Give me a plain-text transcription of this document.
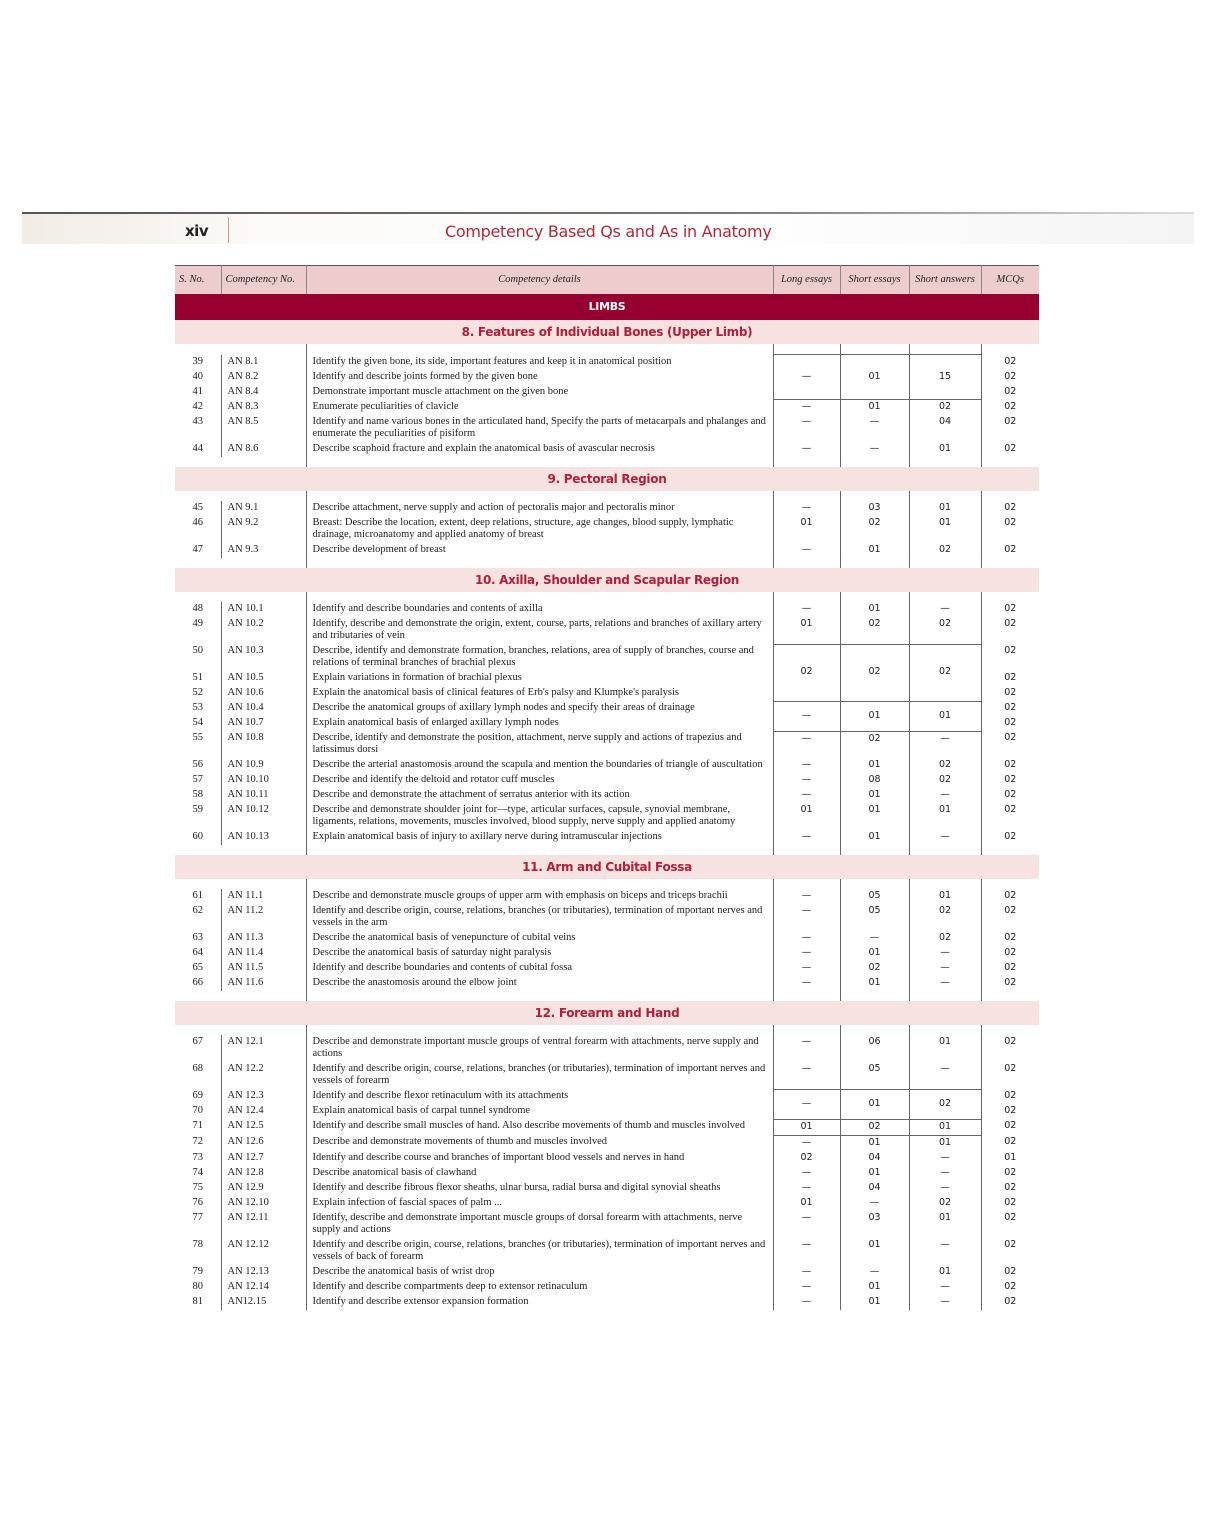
xiv	Competency Based Qs and As in Anatomy
S. No.	Competency No.	Competency details	Long essays	Short essays	Short answers	MCQs
LIMBS						
8. Features of Individual Bones (Upper Limb)						

39	AN 8.1	Identify the given bone, its side, important features and keep it in anatomical position	—	01	15	02
40	AN 8.2	Identify and describe joints formed by the given bone				02
41	AN 8.4	Demonstrate important muscle attachment on the given bone				02
42	AN 8.3	Enumerate peculiarities of clavicle	—	01	02	02
43	AN 8.5	Identify and name various bones in the articulated hand, Specify the parts of metacarpals and phalanges and enumerate the peculiarities of pisiform	—	—	04	02
44	AN 8.6	Describe scaphoid fracture and explain the anatomical basis of avascular necrosis	—	—	01	02

9. Pectoral Region						

45	AN 9.1	Describe attachment, nerve supply and action of pectoralis major and pectoralis minor	—	03	01	02
46	AN 9.2	Breast: Describe the location, extent, deep relations, structure, age changes, blood supply, lymphatic drainage, microanatomy and applied anatomy of breast	01	02	01	02
47	AN 9.3	Describe development of breast	—	01	02	02

10. Axilla, Shoulder and Scapular Region						

48	AN 10.1	Identify and describe boundaries and contents of axilla	—	01	—	02
49	AN 10.2	Identify, describe and demonstrate the origin, extent, course, parts, relations and branches of axillary artery and tributaries of vein	01	02	02	02
50	AN 10.3	Describe, identify and demonstrate formation, branches, relations, area of supply of branches, course and relations of terminal branches of brachial plexus	02	02	02	02
51	AN 10.5	Explain variations in formation of brachial plexus				02
52	AN 10.6	Explain the anatomical basis of clinical features of Erb's palsy and Klumpke's paralysis				02
53	AN 10.4	Describe the anatomical groups of axillary lymph nodes and specify their areas of drainage	—	01	01	02
54	AN 10.7	Explain anatomical basis of enlarged axillary lymph nodes				02
55	AN 10.8	Describe, identify and demonstrate the position, attachment, nerve supply and actions of trapezius and latissimus dorsi	—	02	—	02
56	AN 10.9	Describe the arterial anastomosis around the scapula and mention the boundaries of triangle of auscultation	—	01	02	02
57	AN 10.10	Describe and identify the deltoid and rotator cuff muscles	—	08	02	02
58	AN 10.11	Describe and demonstrate the attachment of serratus anterior with its action	—	01	—	02
59	AN 10.12	Describe and demonstrate shoulder joint for—type, articular surfaces, capsule, synovial membrane, ligaments, relations, movements, muscles involved, blood supply, nerve supply and applied anatomy	01	01	01	02
60	AN 10.13	Explain anatomical basis of injury to axillary nerve during intramuscular injections	—	01	—	02

11. Arm and Cubital Fossa						

61	AN 11.1	Describe and demonstrate muscle groups of upper arm with emphasis on biceps and triceps brachii	—	05	01	02
62	AN 11.2	Identify and describe origin, course, relations, branches (or tributaries), termination of mportant nerves and vessels in the arm	—	05	02	02
63	AN 11.3	Describe the anatomical basis of venepuncture of cubital veins	—	—	02	02
64	AN 11.4	Describe the anatomical basis of saturday night paralysis	—	01	—	02
65	AN 11.5	Identify and describe boundaries and contents of cubital fossa	—	02	—	02
66	AN 11.6	Describe the anastomosis around the elbow joint	—	01	—	02

12. Forearm and Hand						

67	AN 12.1	Describe and demonstrate important muscle groups of ventral forearm with attachments, nerve supply and actions	—	06	01	02
68	AN 12.2	Identify and describe origin, course, relations, branches (or tributaries), termination of important nerves and vessels of forearm	—	05	—	02
69	AN 12.3	Identify and describe flexor retinaculum with its attachments	—	01	02	02
70	AN 12.4	Explain anatomical basis of carpal tunnel syndrome				02
71	AN 12.5	Identify and describe small muscles of hand. Also describe movements of thumb and muscles involved	01	02	01	02
72	AN 12.6	Describe and demonstrate movements of thumb and muscles involved	—	01	01	02
73	AN 12.7	Identify and describe course and branches of important blood vessels and nerves in hand	02	04	—	01
74	AN 12.8	Describe anatomical basis of clawhand	—	01	—	02
75	AN 12.9	Identify and describe fibrous flexor sheaths, ulnar bursa, radial bursa and digital synovial sheaths	—	04	—	02
76	AN 12.10	Explain infection of fascial spaces of palm ...	01	—	02	02
77	AN 12.11	Identify, describe and demonstrate important muscle groups of dorsal forearm with attachments, nerve supply and actions	—	03	01	02
78	AN 12.12	Identify and describe origin, course, relations, branches (or tributaries), termination of important nerves and vessels of back of forearm	—	01	—	02
79	AN 12.13	Describe the anatomical basis of wrist drop	—	—	01	02
80	AN 12.14	Identify and describe compartments deep to extensor retinaculum	—	01	—	02
81	AN12.15	Identify and describe extensor expansion formation	—	01	—	02
